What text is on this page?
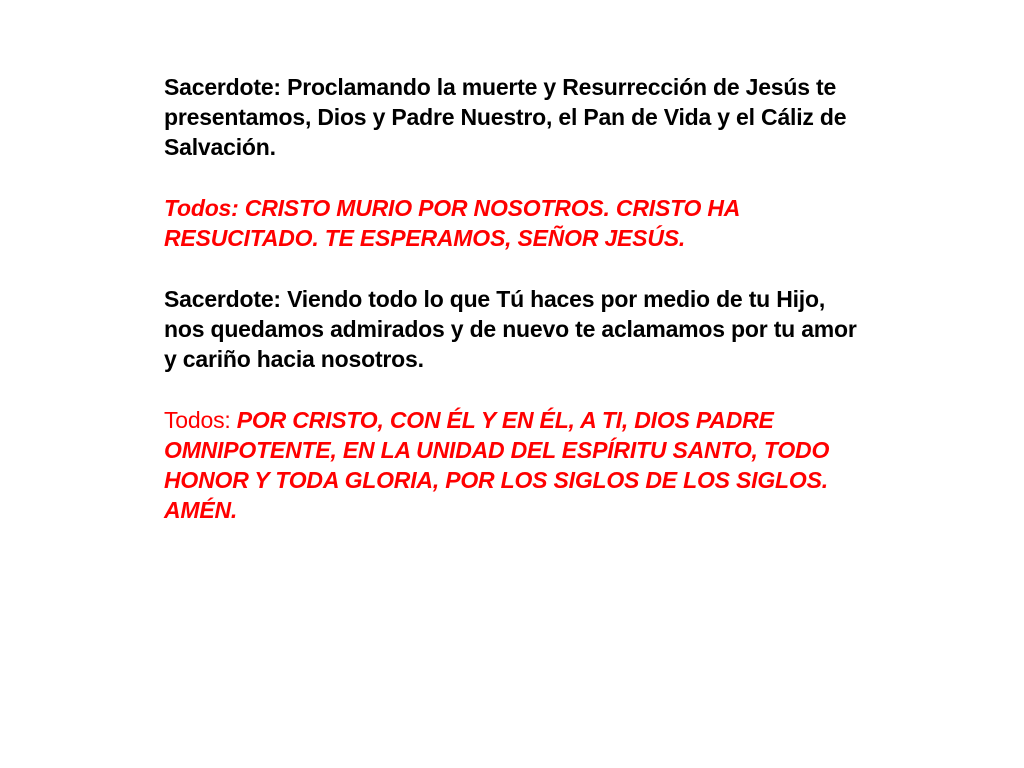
Sacerdote: Proclamando la muerte y Resurrección de Jesús te presentamos, Dios y Padre Nuestro, el Pan de Vida y el Cáliz de Salvación.

Todos: CRISTO MURIO POR NOSOTROS. CRISTO HA RESUCITADO. TE ESPERAMOS, SEÑOR JESÚS.

Sacerdote: Viendo todo lo que Tú haces por medio de tu Hijo, nos quedamos admirados y de nuevo te aclamamos por tu amor y cariño hacia nosotros.

Todos: POR CRISTO, CON ÉL Y EN ÉL, A TI, DIOS PADRE OMNIPOTENTE, EN LA UNIDAD DEL ESPÍRITU SANTO, TODO HONOR Y TODA GLORIA, POR LOS SIGLOS DE LOS SIGLOS. AMÉN.
